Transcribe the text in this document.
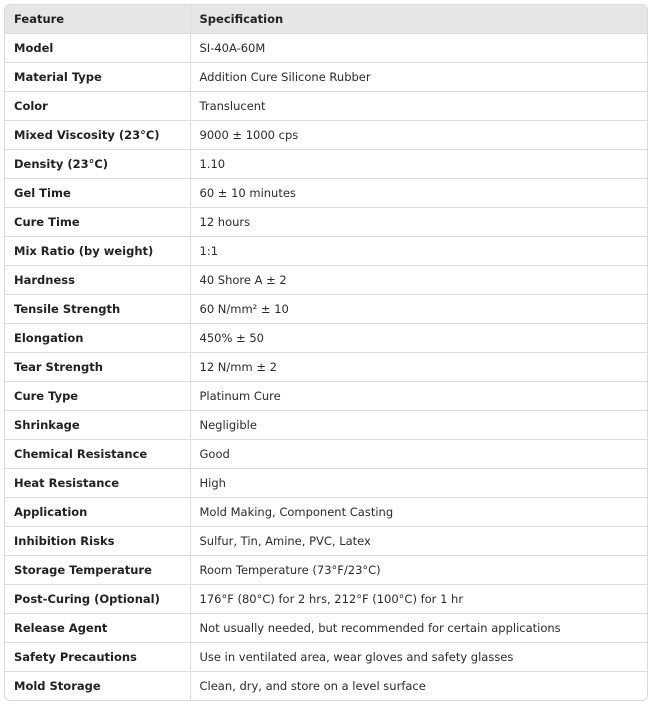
Feature	Specification
Model	SI-40A-60M
Material Type	Addition Cure Silicone Rubber
Color	Translucent
Mixed Viscosity (23°C)	9000 ± 1000 cps
Density (23°C)	1.10
Gel Time	60 ± 10 minutes
Cure Time	12 hours
Mix Ratio (by weight)	1:1
Hardness	40 Shore A ± 2
Tensile Strength	60 N/mm² ± 10
Elongation	450% ± 50
Tear Strength	12 N/mm ± 2
Cure Type	Platinum Cure
Shrinkage	Negligible
Chemical Resistance	Good
Heat Resistance	High
Application	Mold Making, Component Casting
Inhibition Risks	Sulfur, Tin, Amine, PVC, Latex
Storage Temperature	Room Temperature (73°F/23°C)
Post-Curing (Optional)	176°F (80°C) for 2 hrs, 212°F (100°C) for 1 hr
Release Agent	Not usually needed, but recommended for certain applications
Safety Precautions	Use in ventilated area, wear gloves and safety glasses
Mold Storage	Clean, dry, and store on a level surface
